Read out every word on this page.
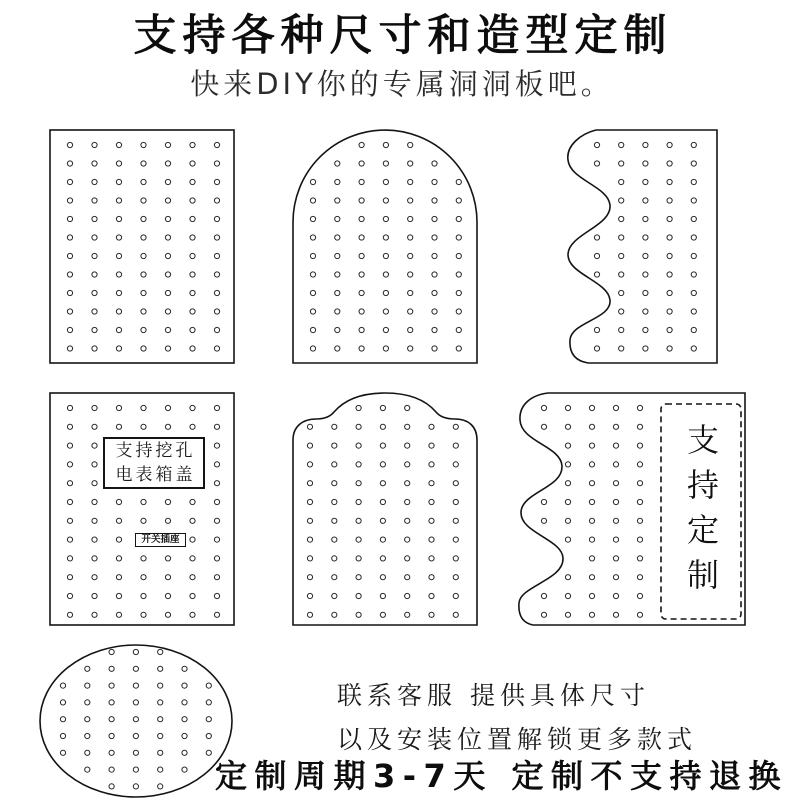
支持各种尺寸和造型定制
快来DIY你的专属洞洞板吧。
支持挖孔
电表箱盖
开关插座	支持定制
联系客服 提供具体尺寸
以及安装位置解锁更多款式
定制周期3-7天 定制不支持退换
